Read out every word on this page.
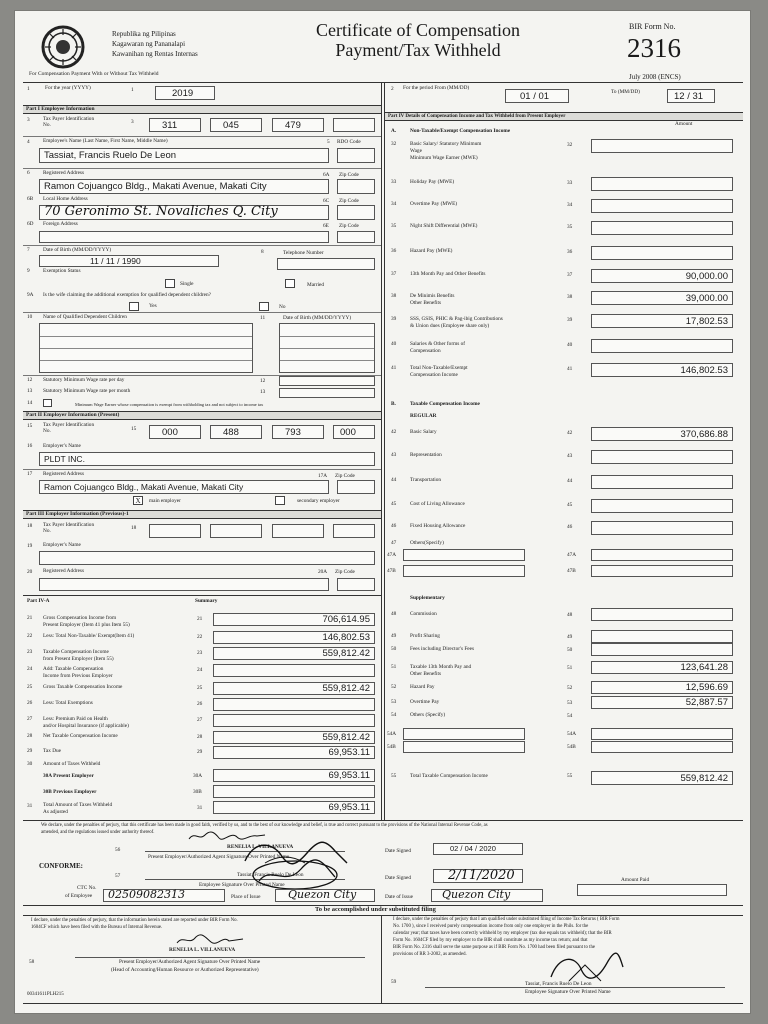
Republika ng Pilipinas
Kagawaran ng Pananalapi
Kawanihan ng Rentas Internas
Certificate of Compensation
Payment/Tax Withheld
BIR Form No.
2316
July 2008 (ENCS)
For Compensation Payment With or Without Tax Withheld
1	For the year (YYYY)	1	2019	2 For the period From (MM/DD)
01 / 01	To (MM/DD)	12 / 31
Part I Employee Information
3	Tax Payer Identification No.
3	311	045	479
4	Employee's Name (Last Name, First Name, Middle Name)	5 RDO Code
Tassiat, Francis Ruelo De Leon
6	Registered Address	6A Zip Code
Ramon Cojuangco Bldg., Makati Avenue, Makati City
6B Local Home Address	6C Zip Code
70 Geronimo St. Novaliches Q. City
6D Foreign Address	6E Zip Code
7	Date of Birth (MM/DD/YYYY)	8	Telephone Number
11 / 11 / 1990
9	Exemption Status
Single	Married
9A Is the wife claiming the additional exemption for qualified dependent children?
Yes	No
10 Name of Qualified Dependent Children	11	Date of Birth (MM/DD/YYYY)
12 Statutory Minimum Wage rate per day	12
13 Statutory Minimum Wage rate per month	13
14	Minimum Wage Earner whose compensation is exempt from withholding tax and not subject to income tax
Part II Employer Information (Present)
15 Tax Payer Identification No.	15	000	488	793	000
16 Employer's Name
PLDT INC.
17 Registered Address	17A Zip Code
Ramon Cojuangco Bldg., Makati Avenue, Makati City
X	main employer	secondary employer
Part III Employer Information (Previous)-1
18 Tax Payer Identification No.
18
19 Employer's Name
20 Registered Address	20A Zip Code
Part IV-A	Summary
30 Amount of Taxes Withheld
30A Present Employer	30A	69,953.11
30B Previous Employer	30B
31 Total Amount of Taxes Withheld
As adjusted
31	69,953.11
Part IV Details of Compensation Income and Tax Withheld from Present Employer
Amount
A.	Non-Taxable/Exempt Compensation Income
B.	Taxable Compensation Income
REGULAR
47	Others(Specify)
47A	47A
47B	47B
Supplementary
54A	54A
54B	54B
55	Total Taxable Compensation Income	55	559,812.42
We declare, under the penalties of perjury, that this certificate has been made in good faith, verified by us, and to the best of our knowledge and belief, is true and correct pursuant to the provisions of the National Internal Revenue Code, as
amended, and the regulations issued under authority thereof.
56	RENELIA L. VILLANUEVA
Present Employer/Authorized Agent Signature Over Printed Name
Date Signed	02 / 04 / 2020
CONFORME:
57	Tassiat, Francis Ruelo De Leon
Employee Signature Over Printed Name
Date Signed	2/11/2020	Amount Paid
CTC No.
of Employee 02509082313	Quezon City
Place of Issue	Date of Issue	Quezon City
To be accomplished under substituted filing
I declare, under the penalties of perjury, that the information herein stated are reported under BIR Form No.
1604CF which have been filed with the Bureau of Internal Revenue.
RENELIA L. VILLANUEVA
58	Present Employer/Authorized Agent Signature Over Printed Name
(Head of Accounting/Human Resource or Authorized Representative)
I declare, under the penalties of perjury that I am qualified under substituted filing of Income Tax Returns ( BIR Form
No. 1700 ), since I received purely compensation income from only one employer in the Phils. for the
calendar year; that taxes have been correctly withheld by my employer (tax due equals tax withheld); that the BIR
Form No. 1604CF filed by my employer to the BIR shall constitute as my income tax return; and that
BIR Form No. 2316 shall serve the same purpose as if BIR Form No. 1700 had been filed pursuant to the
provisions of RR 3-2002, as amended.
59	Tassiat, Francis Ruelo De Leon
Employee Signature Over Printed Name
00341611PLH215
21 Gross Compensation Income from
Present Employer (Item 41 plus Item 55)
21	706,614.95
22 Less: Total Non-Taxable/ Exempt(Item 41)	22	146,802.53
23 Taxable Compensation Income
from Present Employer (Item 55)
23	559,812.42
24 Add: Taxable Compensation
Income from Previous Employer
24
25 Gross Taxable Compensation Income	25	559,812.42
26 Less: Total Exemptions	26
27 Less: Premium Paid on Health
and/or Hospital Insurance (if applicable)
27
28 Net Taxable Compensation Income	28	559,812.42
29 Tax Due	29	69,953.11
32	Basic Salary/ Statutory Minimum
Wage
Minimum Wage Earner (MWE)
32
33	Holiday Pay (MWE)	33
34	Overtime Pay (MWE)	34
35	Night Shift Differential (MWE)	35
36	Hazard Pay (MWE)	36
37	13th Month Pay and Other Benefits	37	90,000.00
38	De Minimis Benefits
Other Benefits
38	39,000.00
39	SSS, GSIS, PHIC & Pag-ibig Contributions
& Union dues (Employee share only)
39	17,802.53
40	Salaries & Other forms of
Compensation
40
41	Total Non-Taxable/Exempt
Compensation Income
41	146,802.53
42	Basic Salary	42	370,686.88
43	Representation	43
44	Transportation	44
45	Cost of Living Allowance	45
46	Fixed Housing Allowance	46
48	Commission	48
49	Profit Sharing	49
50	Fees including Director's Fees	50
51	Taxable 13th Month Pay and
Other Benefits
51	123,641.28
52	Hazard Pay	52	12,596.69
53	Overtime Pay	53	52,887.57
54	Others (Specify)	54
